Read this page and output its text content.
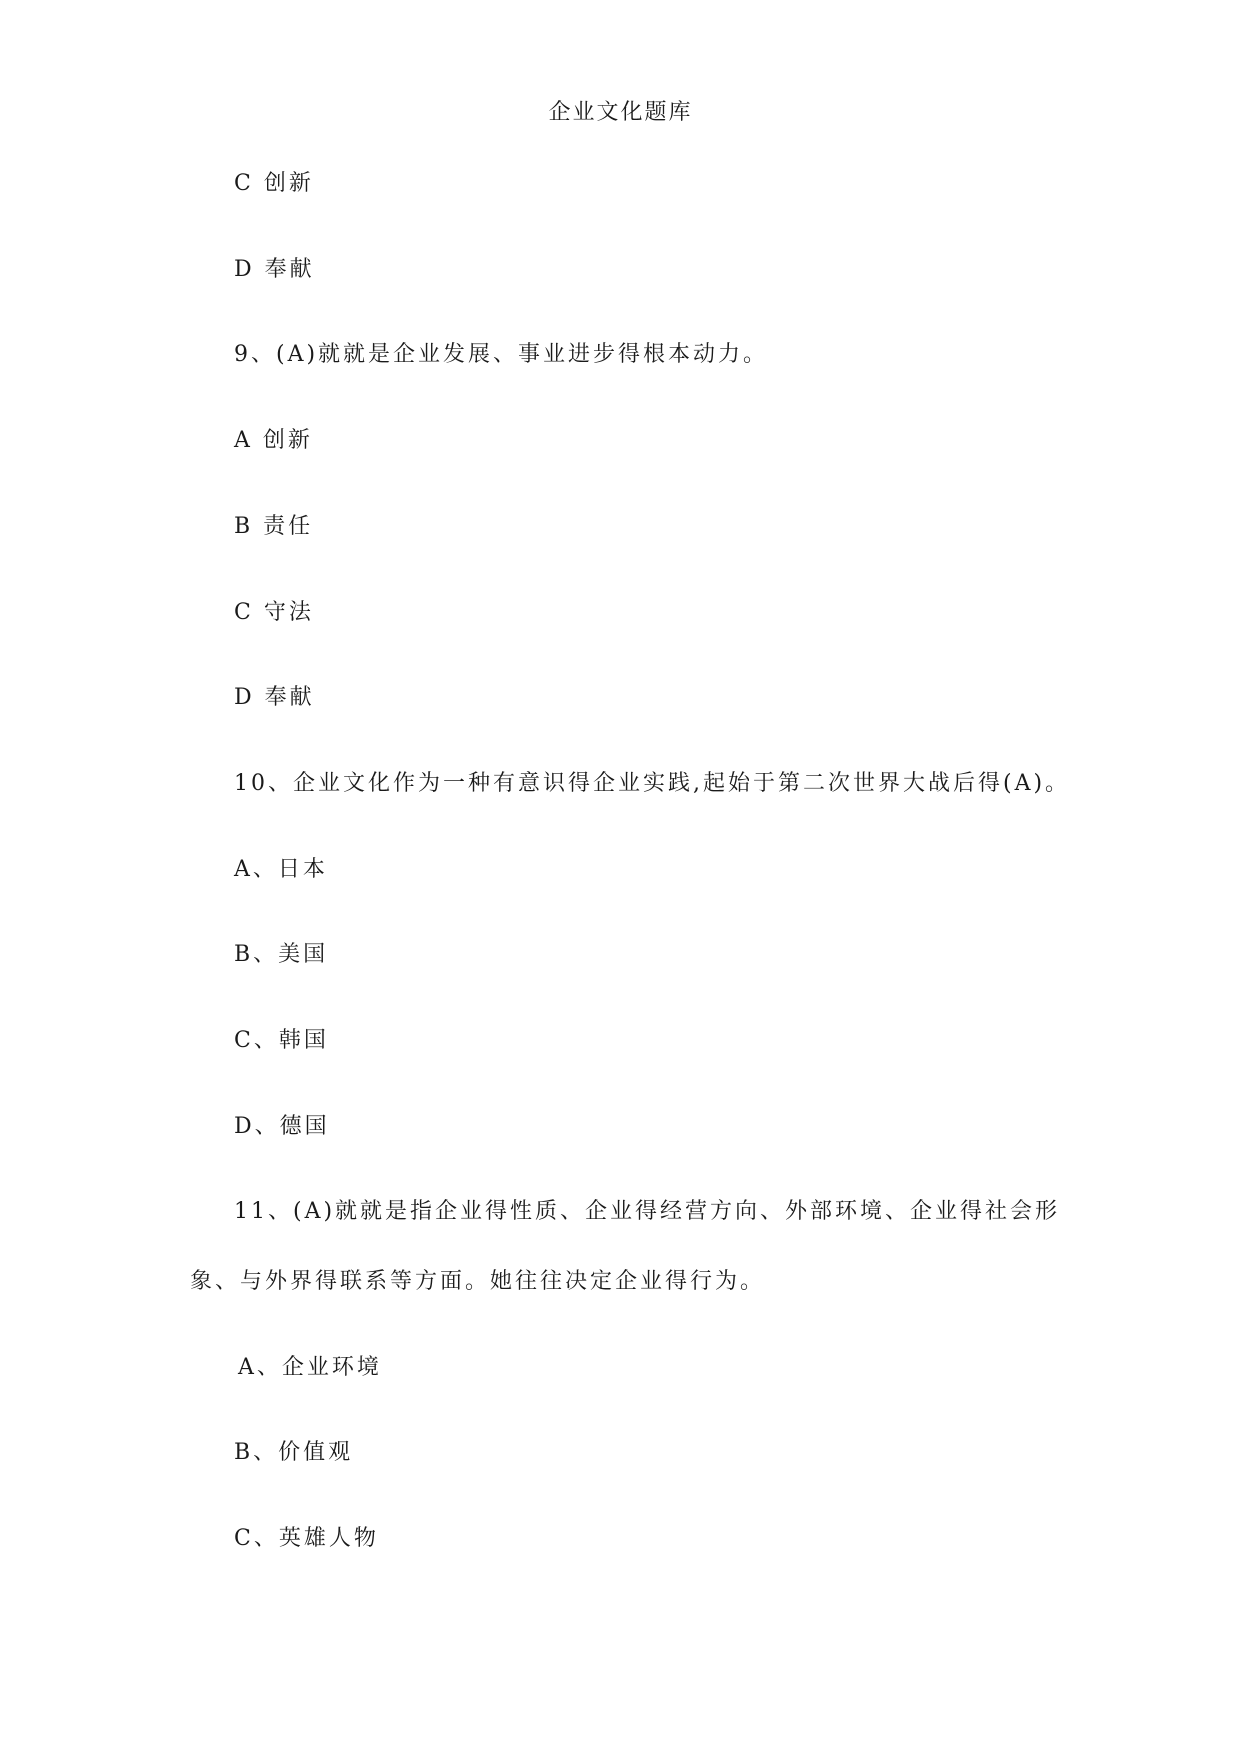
企业文化题库
C 创新
D 奉献
9、(A)就就是企业发展、事业进步得根本动力。
A 创新
B 责任
C 守法
D 奉献
10、企业文化作为一种有意识得企业实践,起始于第二次世界大战后得(A)。
A、日本
B、美国
C、韩国
D、德国
11、(A)就就是指企业得性质、企业得经营方向、外部环境、企业得社会形
象、与外界得联系等方面。她往往决定企业得行为。
A、企业环境
B、价值观
C、英雄人物
